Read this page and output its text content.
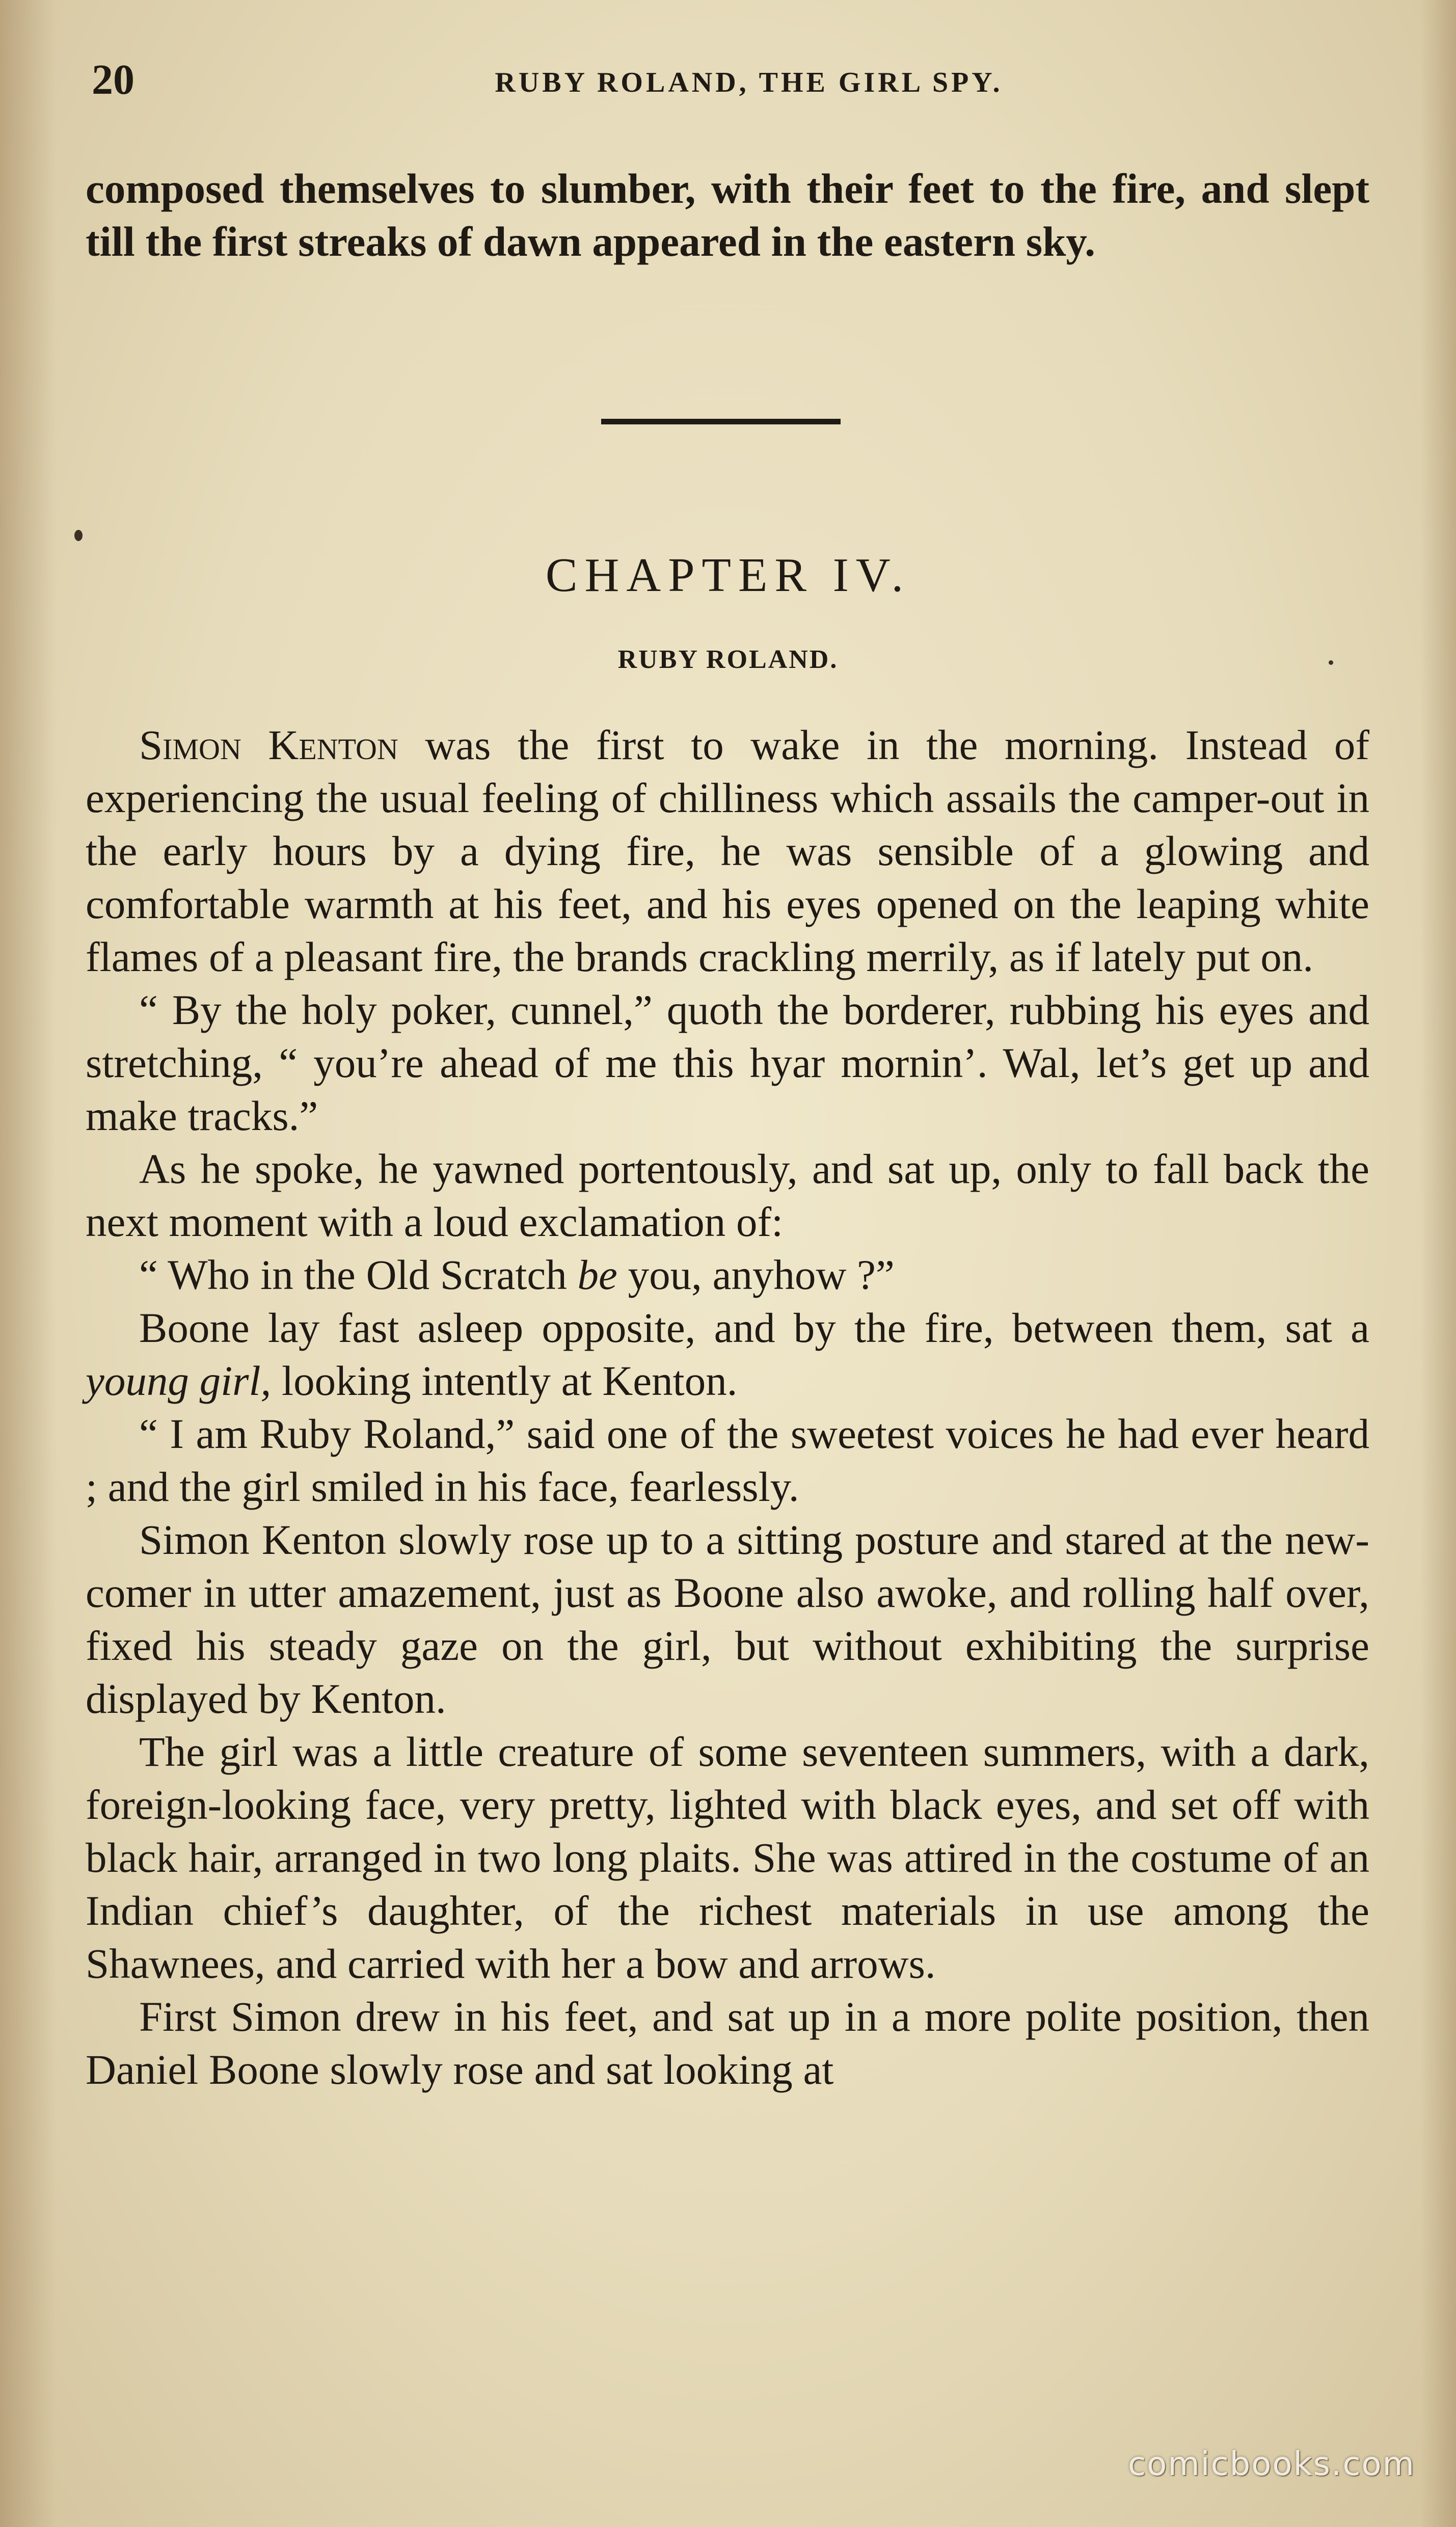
20	RUBY ROLAND, THE GIRL SPY.

composed themselves to slumber, with their feet to the fire, and slept till the first streaks of dawn appeared in the eastern sky.

CHAPTER IV.
RUBY ROLAND.

Simon Kenton was the first to wake in the morning. Instead of experiencing the usual feeling of chilliness which assails the camper-out in the early hours by a dying fire, he was sensible of a glowing and comfortable warmth at his feet, and his eyes opened on the leaping white flames of a pleasant fire, the brands crackling merrily, as if lately put on.

“ By the holy poker, cunnel,” quoth the borderer, rubbing his eyes and stretching, “ you’re ahead of me this hyar mornin’. Wal, let’s get up and make tracks.”

As he spoke, he yawned portentously, and sat up, only to fall back the next moment with a loud exclamation of:

“ Who in the Old Scratch be you, anyhow ?”

Boone lay fast asleep opposite, and by the fire, between them, sat a young girl, looking intently at Kenton.

“ I am Ruby Roland,” said one of the sweetest voices he had ever heard ; and the girl smiled in his face, fearlessly.

Simon Kenton slowly rose up to a sitting posture and stared at the new-comer in utter amazement, just as Boone also awoke, and rolling half over, fixed his steady gaze on the girl, but without exhibiting the surprise displayed by Kenton.

The girl was a little creature of some seventeen summers, with a dark, foreign-looking face, very pretty, lighted with black eyes, and set off with black hair, arranged in two long plaits. She was attired in the costume of an Indian chief’s daughter, of the richest materials in use among the Shawnees, and carried with her a bow and arrows.

First Simon drew in his feet, and sat up in a more polite position, then Daniel Boone slowly rose and sat looking at

comicbooks.com
